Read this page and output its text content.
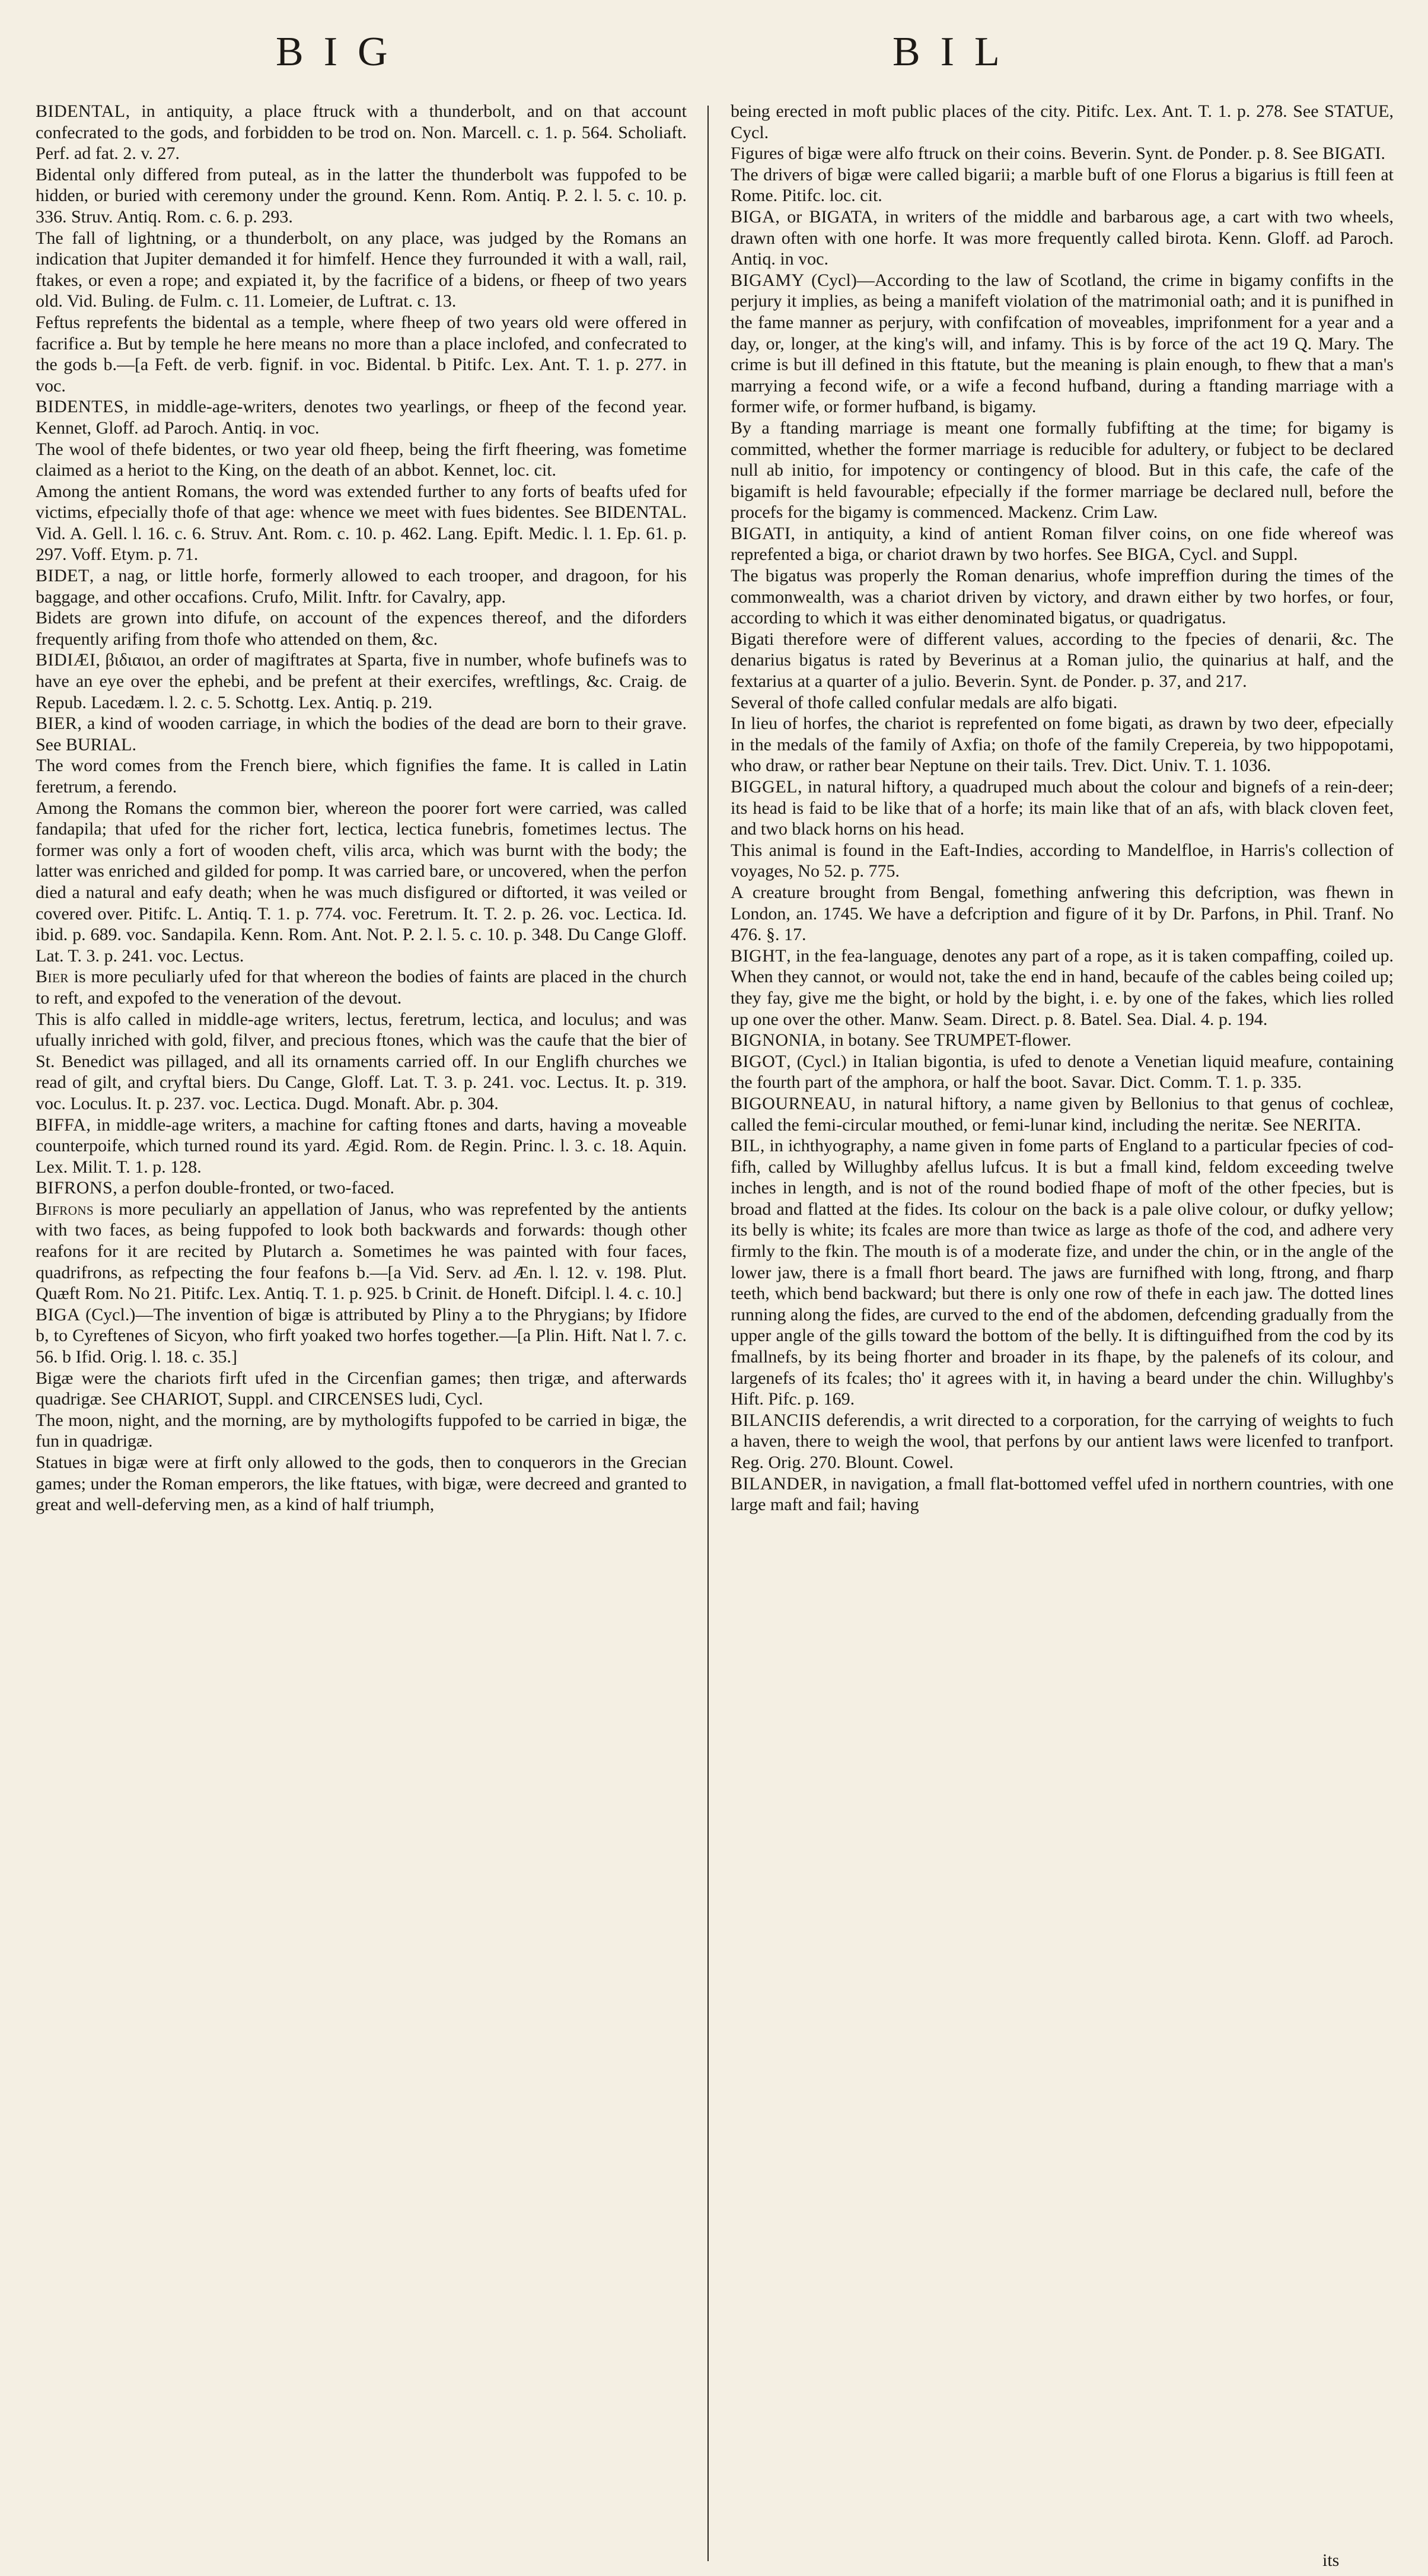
BIG	BIL

BIDENTAL, in antiquity, a place ftruck with a thunderbolt, and on that account confecrated to the gods, and forbidden to be trod on. Non. Marcell. c. 1. p. 564. Scholiaft. Perf. ad fat. 2. v. 27.

Bidental only differed from puteal, as in the latter the thunderbolt was fuppofed to be hidden, or buried with ceremony under the ground. Kenn. Rom. Antiq. P. 2. l. 5. c. 10. p. 336. Struv. Antiq. Rom. c. 6. p. 293.

The fall of lightning, or a thunderbolt, on any place, was judged by the Romans an indication that Jupiter demanded it for himfelf. Hence they furrounded it with a wall, rail, ftakes, or even a rope; and expiated it, by the facrifice of a bidens, or fheep of two years old. Vid. Buling. de Fulm. c. 11. Lomeier, de Luftrat. c. 13.

Feftus reprefents the bidental as a temple, where fheep of two years old were offered in facrifice a. But by temple he here means no more than a place inclofed, and confecrated to the gods b.—[a Feft. de verb. fignif. in voc. Bidental. b Pitifc. Lex. Ant. T. 1. p. 277. in voc.

BIDENTES, in middle-age-writers, denotes two yearlings, or fheep of the fecond year. Kennet, Gloff. ad Paroch. Antiq. in voc.

The wool of thefe bidentes, or two year old fheep, being the firft fheering, was fometime claimed as a heriot to the King, on the death of an abbot. Kennet, loc. cit.

Among the antient Romans, the word was extended further to any forts of beafts ufed for victims, efpecially thofe of that age: whence we meet with fues bidentes. See BIDENTAL. Vid. A. Gell. l. 16. c. 6. Struv. Ant. Rom. c. 10. p. 462. Lang. Epift. Medic. l. 1. Ep. 61. p. 297. Voff. Etym. p. 71.

BIDET, a nag, or little horfe, formerly allowed to each trooper, and dragoon, for his baggage, and other occafions. Crufo, Milit. Inftr. for Cavalry, app.

Bidets are grown into difufe, on account of the expences thereof, and the diforders frequently arifing from thofe who attended on them, &c.

BIDIÆI, βιδιαιοι, an order of magiftrates at Sparta, five in number, whofe bufinefs was to have an eye over the ephebi, and be prefent at their exercifes, wreftlings, &c. Craig. de Repub. Lacedæm. l. 2. c. 5. Schottg. Lex. Antiq. p. 219.

BIER, a kind of wooden carriage, in which the bodies of the dead are born to their grave. See BURIAL.

The word comes from the French biere, which fignifies the fame. It is called in Latin feretrum, a ferendo.

Among the Romans the common bier, whereon the poorer fort were carried, was called fandapila; that ufed for the richer fort, lectica, lectica funebris, fometimes lectus. The former was only a fort of wooden cheft, vilis arca, which was burnt with the body; the latter was enriched and gilded for pomp. It was carried bare, or uncovered, when the perfon died a natural and eafy death; when he was much disfigured or diftorted, it was veiled or covered over. Pitifc. L. Antiq. T. 1. p. 774. voc. Feretrum. It. T. 2. p. 26. voc. Lectica. Id. ibid. p. 689. voc. Sandapila. Kenn. Rom. Ant. Not. P. 2. l. 5. c. 10. p. 348. Du Cange Gloff. Lat. T. 3. p. 241. voc. Lectus.

Bier is more peculiarly ufed for that whereon the bodies of faints are placed in the church to reft, and expofed to the veneration of the devout.

This is alfo called in middle-age writers, lectus, feretrum, lectica, and loculus; and was ufually inriched with gold, filver, and precious ftones, which was the caufe that the bier of St. Benedict was pillaged, and all its ornaments carried off. In our Englifh churches we read of gilt, and cryftal biers. Du Cange, Gloff. Lat. T. 3. p. 241. voc. Lectus. It. p. 319. voc. Loculus. It. p. 237. voc. Lectica. Dugd. Monaft. Abr. p. 304.

BIFFA, in middle-age writers, a machine for cafting ftones and darts, having a moveable counterpoife, which turned round its yard. Ægid. Rom. de Regin. Princ. l. 3. c. 18. Aquin. Lex. Milit. T. 1. p. 128.

BIFRONS, a perfon double-fronted, or two-faced.

Bifrons is more peculiarly an appellation of Janus, who was reprefented by the antients with two faces, as being fuppofed to look both backwards and forwards: though other reafons for it are recited by Plutarch a. Sometimes he was painted with four faces, quadrifrons, as refpecting the four feafons b.—[a Vid. Serv. ad Æn. l. 12. v. 198. Plut. Quæft Rom. No 21. Pitifc. Lex. Antiq. T. 1. p. 925. b Crinit. de Honeft. Difcipl. l. 4. c. 10.]

BIGA (Cycl.)—The invention of bigæ is attributed by Pliny a to the Phrygians; by Ifidore b, to Cyreftenes of Sicyon, who firft yoaked two horfes together.—[a Plin. Hift. Nat l. 7. c. 56. b Ifid. Orig. l. 18. c. 35.]

Bigæ were the chariots firft ufed in the Circenfian games; then trigæ, and afterwards quadrigæ. See CHARIOT, Suppl. and CIRCENSES ludi, Cycl.

The moon, night, and the morning, are by mythologifts fuppofed to be carried in bigæ, the fun in quadrigæ.

Statues in bigæ were at firft only allowed to the gods, then to conquerors in the Grecian games; under the Roman emperors, the like ftatues, with bigæ, were decreed and granted to great and well-deferving men, as a kind of half triumph,

being erected in moft public places of the city. Pitifc. Lex. Ant. T. 1. p. 278. See STATUE, Cycl.

Figures of bigæ were alfo ftruck on their coins. Beverin. Synt. de Ponder. p. 8. See BIGATI.

The drivers of bigæ were called bigarii; a marble buft of one Florus a bigarius is ftill feen at Rome. Pitifc. loc. cit.

BIGA, or BIGATA, in writers of the middle and barbarous age, a cart with two wheels, drawn often with one horfe. It was more frequently called birota. Kenn. Gloff. ad Paroch. Antiq. in voc.

BIGAMY (Cycl)—According to the law of Scotland, the crime in bigamy confifts in the perjury it implies, as being a manifeft violation of the matrimonial oath; and it is punifhed in the fame manner as perjury, with confifcation of moveables, imprifonment for a year and a day, or, longer, at the king's will, and infamy. This is by force of the act 19 Q. Mary. The crime is but ill defined in this ftatute, but the meaning is plain enough, to fhew that a man's marrying a fecond wife, or a wife a fecond hufband, during a ftanding marriage with a former wife, or former hufband, is bigamy.

By a ftanding marriage is meant one formally fubfifting at the time; for bigamy is committed, whether the former marriage is reducible for adultery, or fubject to be declared null ab initio, for impotency or contingency of blood. But in this cafe, the cafe of the bigamift is held favourable; efpecially if the former marriage be declared null, before the procefs for the bigamy is commenced. Mackenz. Crim Law.

BIGATI, in antiquity, a kind of antient Roman filver coins, on one fide whereof was reprefented a biga, or chariot drawn by two horfes. See BIGA, Cycl. and Suppl.

The bigatus was properly the Roman denarius, whofe impreffion during the times of the commonwealth, was a chariot driven by victory, and drawn either by two horfes, or four, according to which it was either denominated bigatus, or quadrigatus.

Bigati therefore were of different values, according to the fpecies of denarii, &c. The denarius bigatus is rated by Beverinus at a Roman julio, the quinarius at half, and the fextarius at a quarter of a julio. Beverin. Synt. de Ponder. p. 37, and 217.

Several of thofe called confular medals are alfo bigati.

In lieu of horfes, the chariot is reprefented on fome bigati, as drawn by two deer, efpecially in the medals of the family of Axfia; on thofe of the family Crepereia, by two hippopotami, who draw, or rather bear Neptune on their tails. Trev. Dict. Univ. T. 1. 1036.

BIGGEL, in natural hiftory, a quadruped much about the colour and bignefs of a rein-deer; its head is faid to be like that of a horfe; its main like that of an afs, with black cloven feet, and two black horns on his head.

This animal is found in the Eaft-Indies, according to Mandelfloe, in Harris's collection of voyages, No 52. p. 775.

A creature brought from Bengal, fomething anfwering this defcription, was fhewn in London, an. 1745. We have a defcription and figure of it by Dr. Parfons, in Phil. Tranf. No 476. §. 17.

BIGHT, in the fea-language, denotes any part of a rope, as it is taken compaffing, coiled up. When they cannot, or would not, take the end in hand, becaufe of the cables being coiled up; they fay, give me the bight, or hold by the bight, i. e. by one of the fakes, which lies rolled up one over the other. Manw. Seam. Direct. p. 8. Batel. Sea. Dial. 4. p. 194.

BIGNONIA, in botany. See TRUMPET-flower.

BIGOT, (Cycl.) in Italian bigontia, is ufed to denote a Venetian liquid meafure, containing the fourth part of the amphora, or half the boot. Savar. Dict. Comm. T. 1. p. 335.

BIGOURNEAU, in natural hiftory, a name given by Bellonius to that genus of cochleæ, called the femi-circular mouthed, or femi-lunar kind, including the neritæ. See NERITA.

BIL, in ichthyography, a name given in fome parts of England to a particular fpecies of cod-fifh, called by Willughby afellus lufcus. It is but a fmall kind, feldom exceeding twelve inches in length, and is not of the round bodied fhape of moft of the other fpecies, but is broad and flatted at the fides. Its colour on the back is a pale olive colour, or dufky yellow; its belly is white; its fcales are more than twice as large as thofe of the cod, and adhere very firmly to the fkin. The mouth is of a moderate fize, and under the chin, or in the angle of the lower jaw, there is a fmall fhort beard. The jaws are furnifhed with long, ftrong, and fharp teeth, which bend backward; but there is only one row of thefe in each jaw. The dotted lines running along the fides, are curved to the end of the abdomen, defcending gradually from the upper angle of the gills toward the bottom of the belly. It is diftinguifhed from the cod by its fmallnefs, by its being fhorter and broader in its fhape, by the palenefs of its colour, and largenefs of its fcales; tho' it agrees with it, in having a beard under the chin. Willughby's Hift. Pifc. p. 169.

BILANCIIS deferendis, a writ directed to a corporation, for the carrying of weights to fuch a haven, there to weigh the wool, that perfons by our antient laws were licenfed to tranfport. Reg. Orig. 270. Blount. Cowel.

BILANDER, in navigation, a fmall flat-bottomed veffel ufed in northern countries, with one large maft and fail; having

its
